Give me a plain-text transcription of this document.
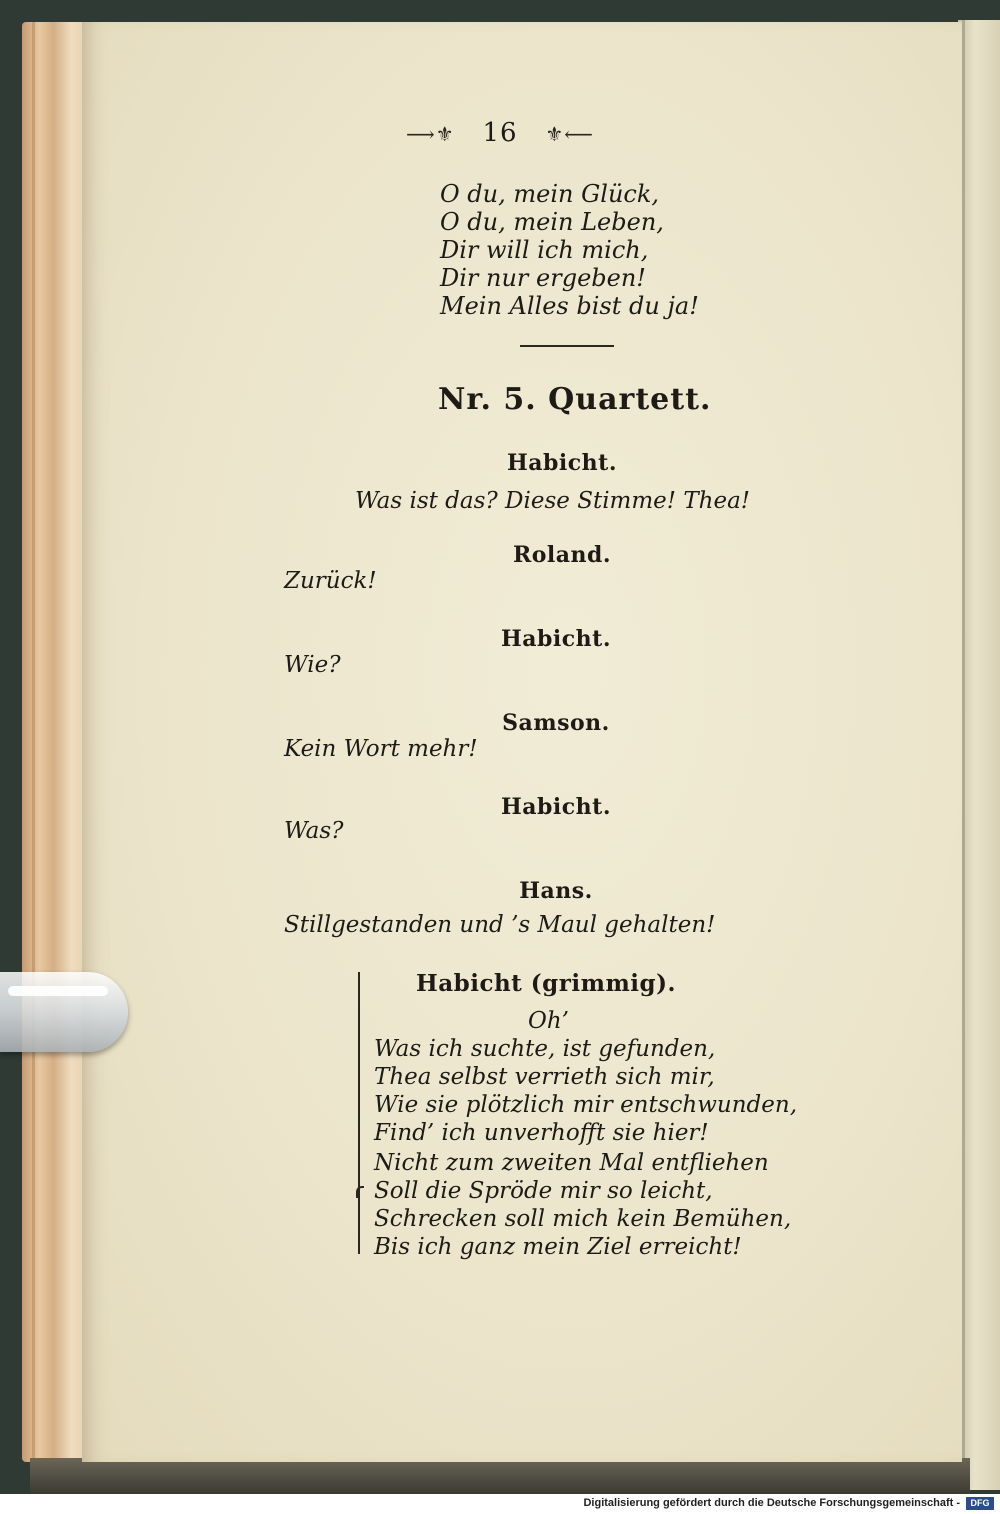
⟶⚜ 16 ⚜⟵
O du, mein Glück,
O du, mein Leben,
Dir will ich mich,
Dir nur ergeben!
Mein Alles bist du ja!
Nr. 5. Quartett.
Habicht.
Was ist das? Diese Stimme! Thea!
Roland.
Zurück!
Habicht.
Wie?
Samson.
Kein Wort mehr!
Habicht.
Was?
Hans.
Stillgestanden und ’s Maul gehalten!
Habicht (grimmig).
Oh’
Was ich suchte, ist gefunden,
Thea selbst verrieth sich mir,
Wie sie plötzlich mir entschwunden,
Find’ ich unverhofft sie hier!
Nicht zum zweiten Mal entfliehen
Soll die Spröde mir so leicht,
Schrecken soll mich kein Bemühen,
Bis ich ganz mein Ziel erreicht!
Digitalisierung gefördert durch die Deutsche Forschungsgemeinschaft -	DFG
